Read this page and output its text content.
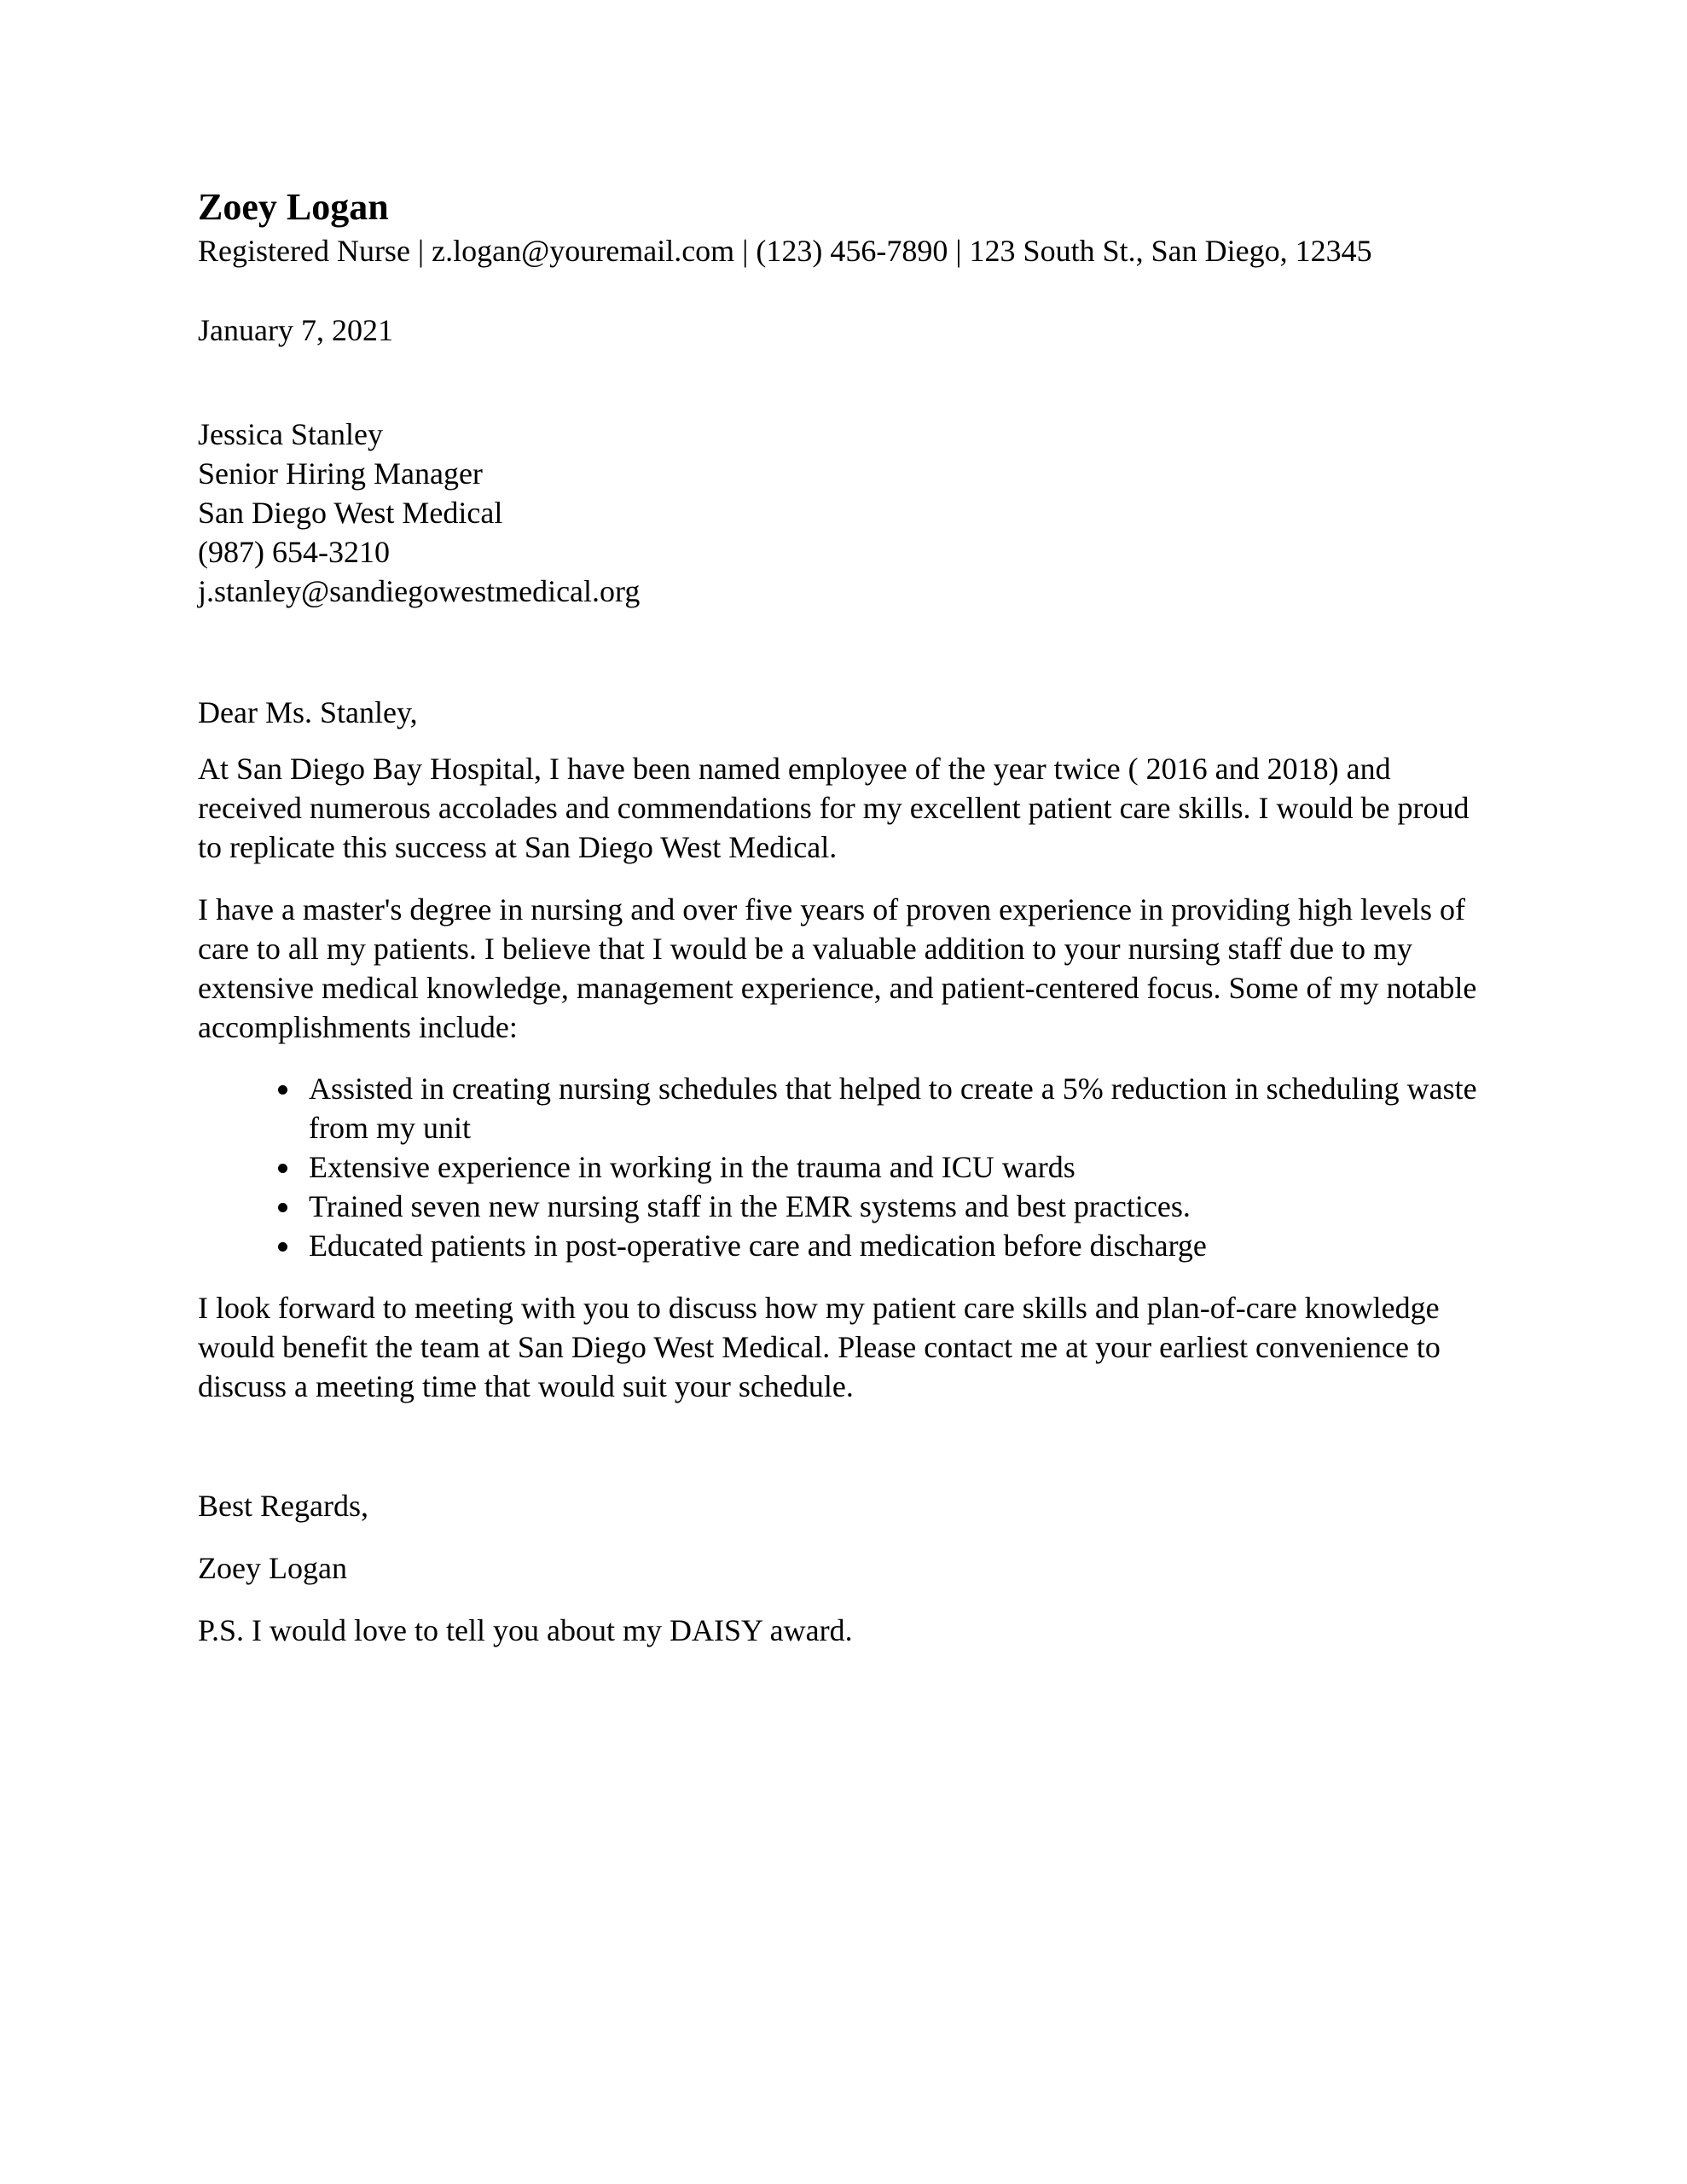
Zoey Logan

Registered Nurse | z.logan@youremail.com | (123) 456-7890 | 123 South St., San Diego, 12345

January 7, 2021

Jessica Stanley

Senior Hiring Manager

San Diego West Medical

(987) 654-3210

j.stanley@sandiegowestmedical.org

Dear Ms. Stanley,

At San Diego Bay Hospital, I have been named employee of the year twice ( 2016 and 2018) and received numerous accolades and commendations for my excellent patient care skills. I would be proud to replicate this success at San Diego West Medical.

I have a master's degree in nursing and over five years of proven experience in providing high levels of care to all my patients. I believe that I would be a valuable addition to your nursing staff due to my extensive medical knowledge, management experience, and patient-centered focus. Some of my notable accomplishments include:

• Assisted in creating nursing schedules that helped to create a 5% reduction in scheduling waste from my unit
• Extensive experience in working in the trauma and ICU wards
• Trained seven new nursing staff in the EMR systems and best practices.
• Educated patients in post-operative care and medication before discharge

I look forward to meeting with you to discuss how my patient care skills and plan-of-care knowledge would benefit the team at San Diego West Medical. Please contact me at your earliest convenience to discuss a meeting time that would suit your schedule.

Best Regards,

Zoey Logan

P.S. I would love to tell you about my DAISY award.
